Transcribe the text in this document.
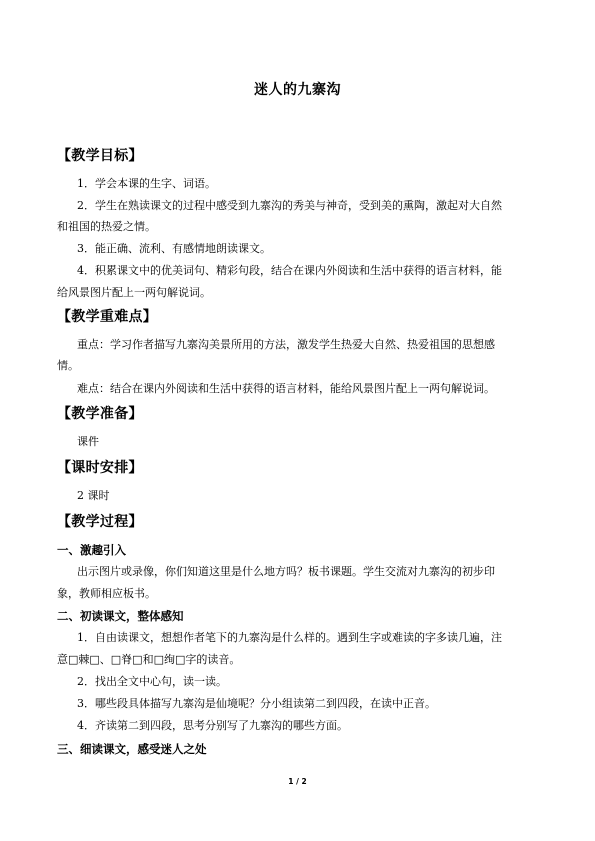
迷人的九寨沟
【教学目标】
1．学会本课的生字、词语。
2．学生在熟读课文的过程中感受到九寨沟的秀美与神奇，受到美的熏陶，激起对大自然
和祖国的热爱之情。
3．能正确、流利、有感情地朗读课文。
4．积累课文中的优美词句、精彩句段，结合在课内外阅读和生活中获得的语言材料，能
给风景图片配上一两句解说词。
【教学重难点】
重点：学习作者描写九寨沟美景所用的方法，激发学生热爱大自然、热爱祖国的思想感
情。
难点：结合在课内外阅读和生活中获得的语言材料，能给风景图片配上一两句解说词。
【教学准备】
课件
【课时安排】
2 课时
【教学过程】
一、激趣引入
出示图片或录像，你们知道这里是什么地方吗？板书课题。学生交流对九寨沟的初步印
象，教师相应板书。
二、初读课文，整体感知
1．自由读课文，想想作者笔下的九寨沟是什么样的。遇到生字或难读的字多读几遍，注
意□棘□、□脊□和□绚□字的读音。
2．找出全文中心句，读一读。
3．哪些段具体描写九寨沟是仙境呢？分小组读第二到四段，在读中正音。
4．齐读第二到四段，思考分别写了九寨沟的哪些方面。
三、细读课文，感受迷人之处
1 / 2
